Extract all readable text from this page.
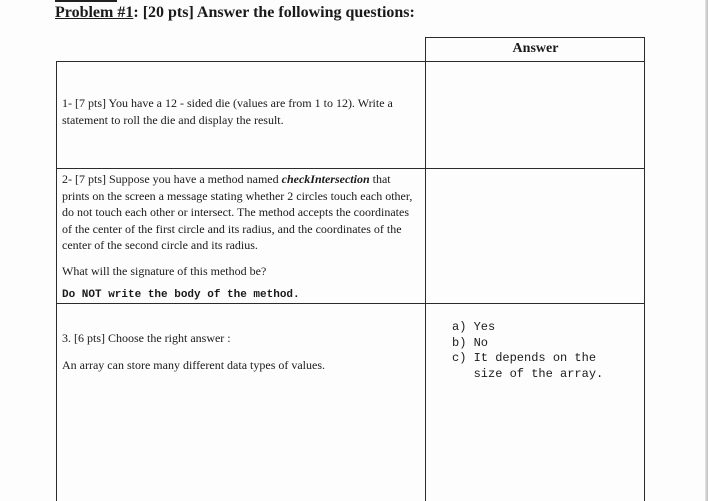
Problem #1: [20 pts] Answer the following questions:
Answer

1- [7 pts] You have a 12 - sided die (values are from 1 to 12). Write a statement to roll the die and display the result.

2- [7 pts] Suppose you have a method named checkIntersection that prints on the screen a message stating whether 2 circles touch each other, do not touch each other or intersect. The method accepts the coordinates of the center of the first circle and its radius, and the coordinates of the center of the second circle and its radius.

What will the signature of this method be?

Do NOT write the body of the method.

3. [6 pts] Choose the right answer :

An array can store many different data types of values.

a) Yes
b) No
c) It depends on the
size of the array.
